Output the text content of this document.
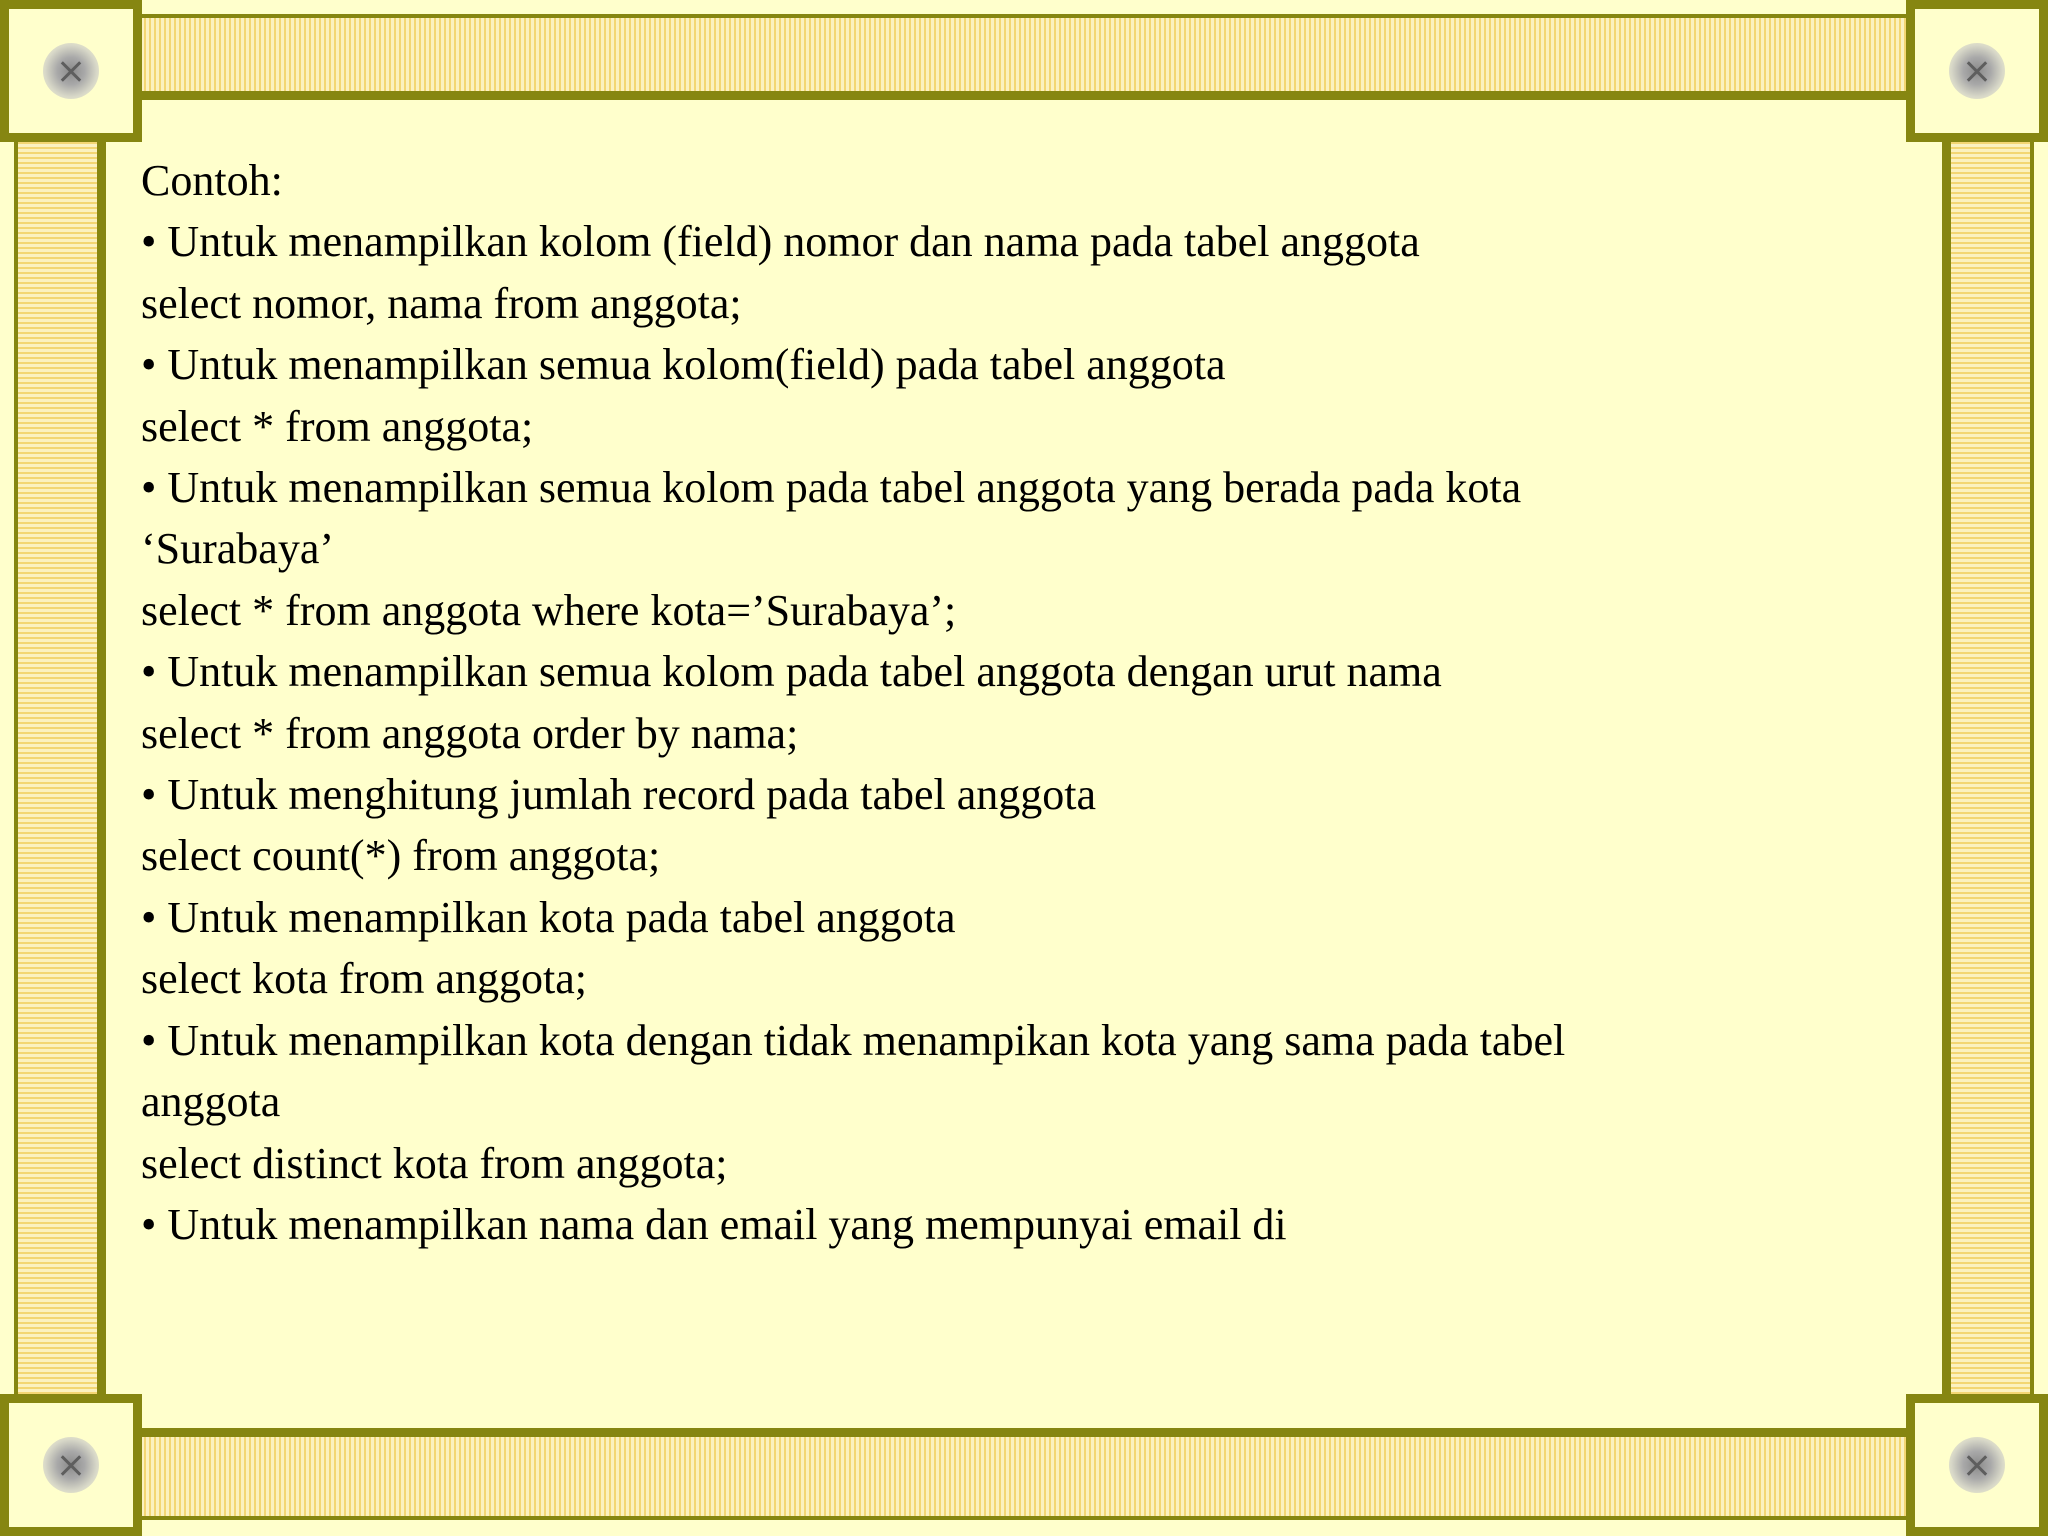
Contoh:
• Untuk menampilkan kolom (field) nomor dan nama pada tabel anggota
select nomor, nama from anggota;
• Untuk menampilkan semua kolom(field) pada tabel anggota
select * from anggota;
• Untuk menampilkan semua kolom pada tabel anggota yang berada pada kota
‘Surabaya’
select * from anggota where kota=’Surabaya’;
• Untuk menampilkan semua kolom pada tabel anggota dengan urut nama
select * from anggota order by nama;
• Untuk menghitung jumlah record pada tabel anggota
select count(*) from anggota;
• Untuk menampilkan kota pada tabel anggota
select kota from anggota;
• Untuk menampilkan kota dengan tidak menampikan kota yang sama pada tabel
anggota
select distinct kota from anggota;
• Untuk menampilkan nama dan email yang mempunyai email di
